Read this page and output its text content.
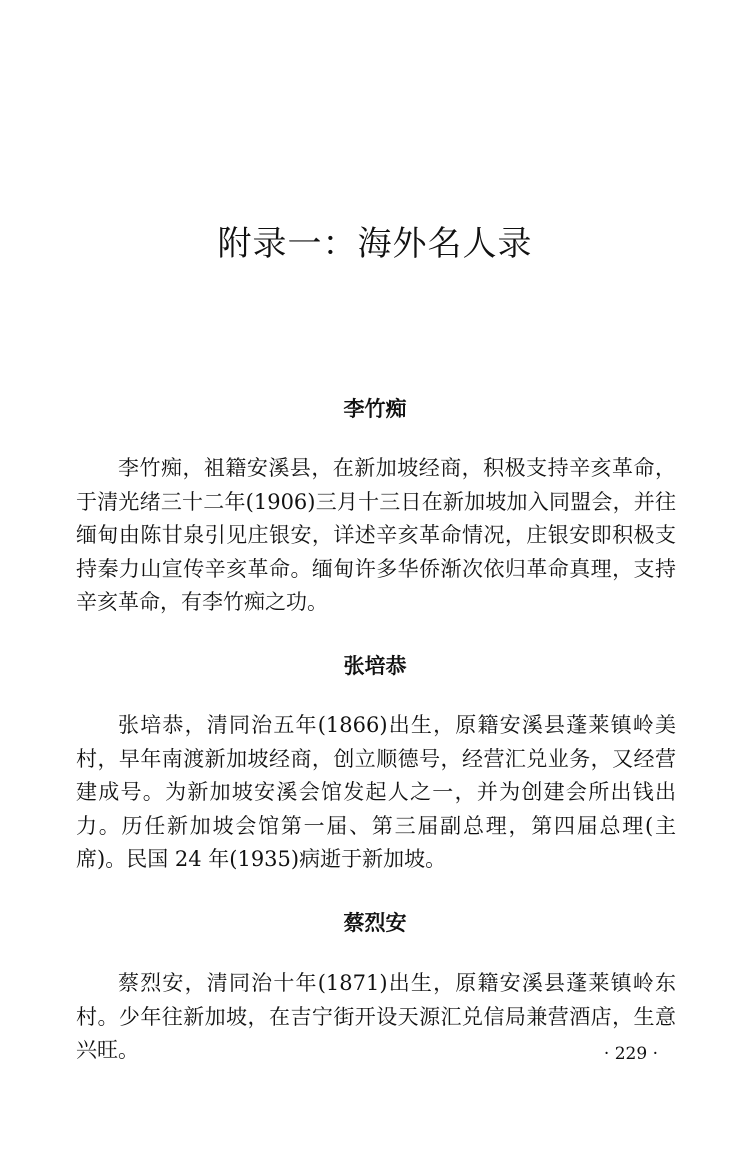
附录一：海外名人录
李竹痴
李竹痴，祖籍安溪县，在新加坡经商，积极支持辛亥革命，于清光绪三十二年(1906)三月十三日在新加坡加入同盟会，并往缅甸由陈甘泉引见庄银安，详述辛亥革命情况，庄银安即积极支持秦力山宣传辛亥革命。缅甸许多华侨渐次依归革命真理，支持辛亥革命，有李竹痴之功。
张培恭
张培恭，清同治五年(1866)出生，原籍安溪县蓬莱镇岭美村，早年南渡新加坡经商，创立顺德号，经营汇兑业务，又经营建成号。为新加坡安溪会馆发起人之一，并为创建会所出钱出力。历任新加坡会馆第一届、第三届副总理，第四届总理(主席)。民国 24 年(1935)病逝于新加坡。
蔡烈安
蔡烈安，清同治十年(1871)出生，原籍安溪县蓬莱镇岭东村。少年往新加坡，在吉宁街开设天源汇兑信局兼营酒店，生意兴旺。	· 229 ·
